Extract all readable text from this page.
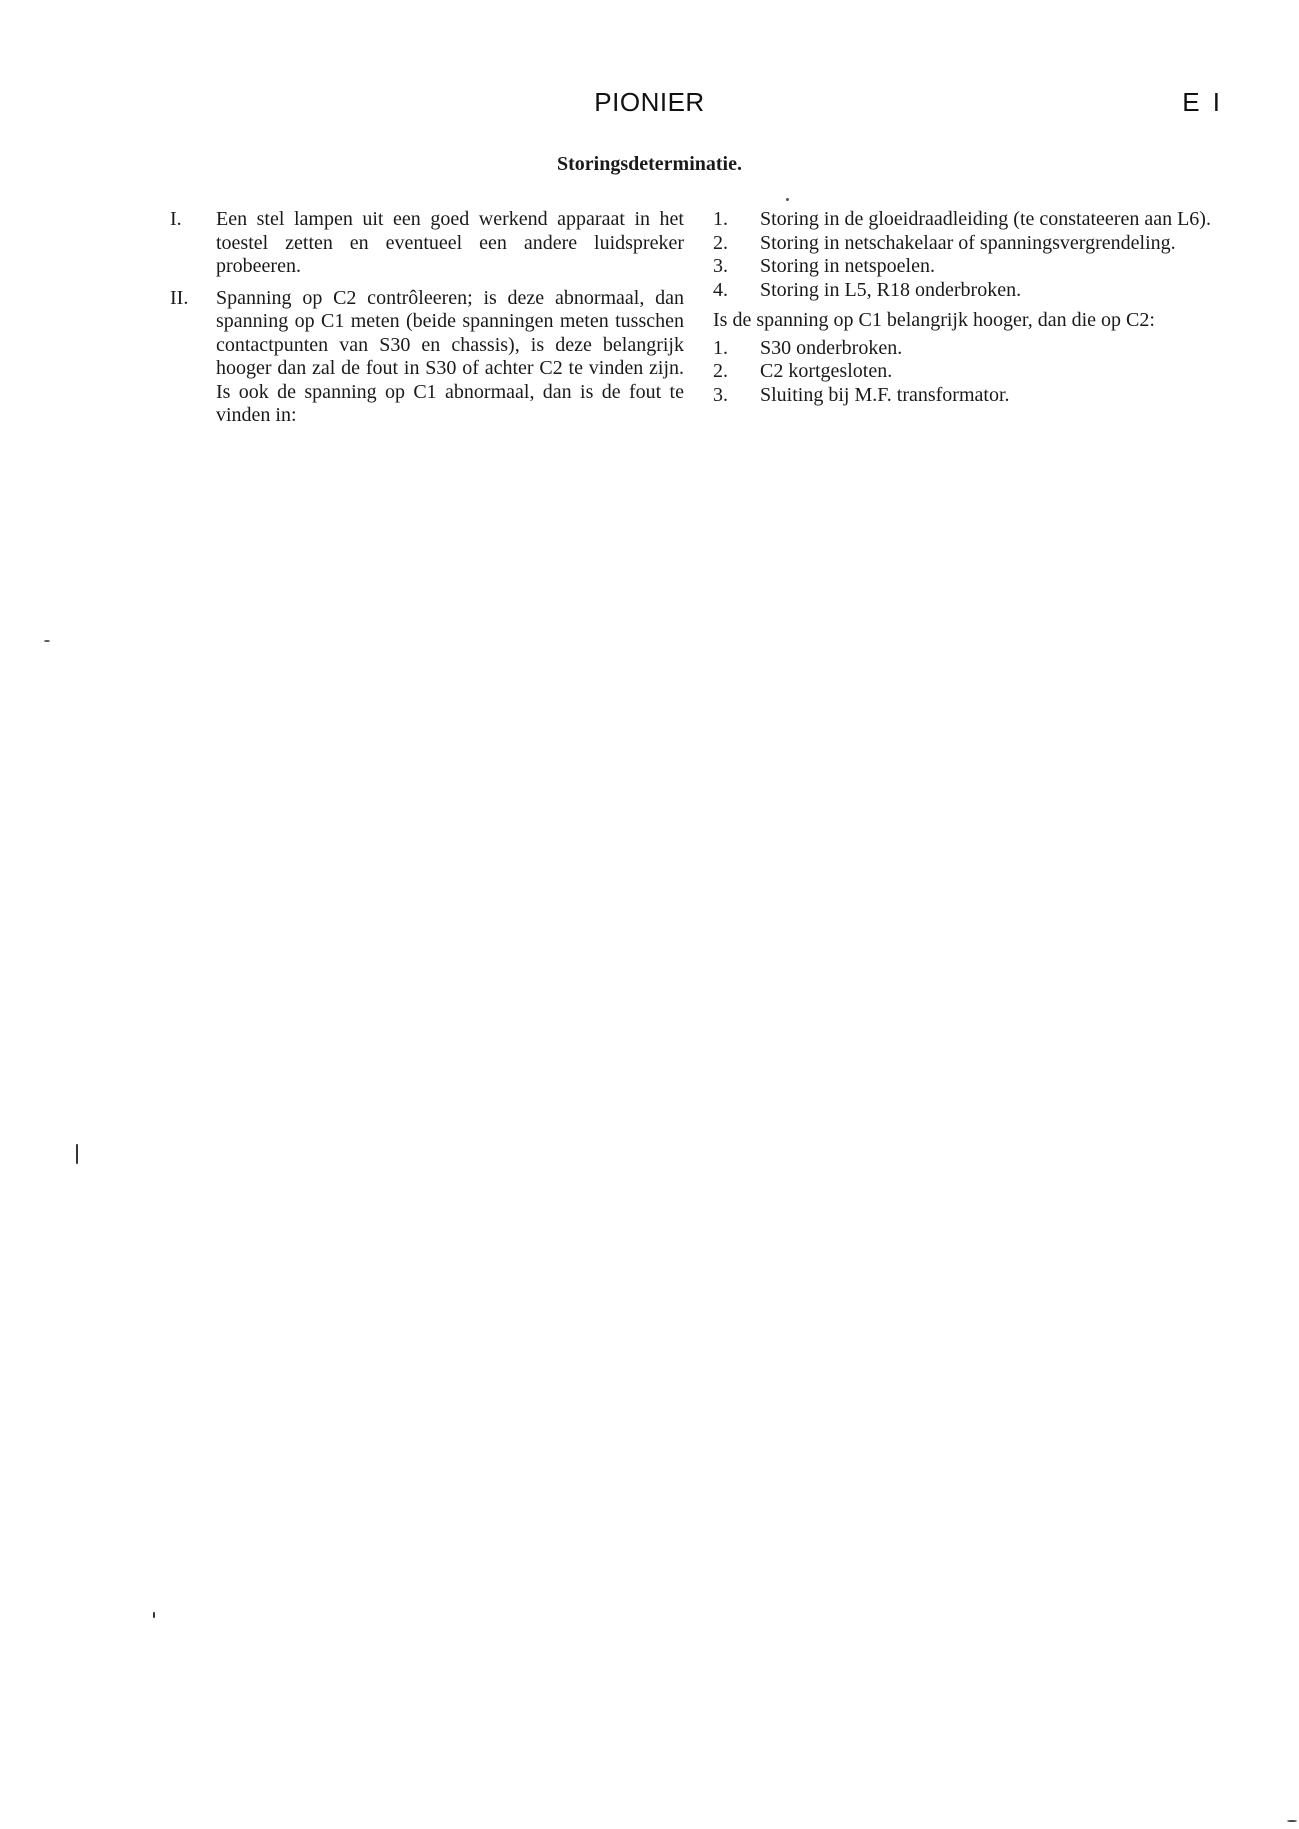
PIONIER	E I
Storingsdeterminatie.
I.	Een stel lampen uit een goed werkend apparaat in het toestel zetten en eventueel een andere luidspreker probeeren.
II.	Spanning op C2 contrôleeren; is deze abnormaal, dan spanning op C1 meten (beide spanningen meten tusschen contactpunten van S30 en chassis), is deze belangrijk hooger dan zal de fout in S30 of achter C2 te vinden zijn. Is ook de spanning op C1 abnormaal, dan is de fout te vinden in:
1.	Storing in de gloeidraadleiding (te constateeren aan L6).
2.	Storing in netschakelaar of spanningsvergrendeling.
3.	Storing in netspoelen.
4.	Storing in L5, R18 onderbroken.
Is de spanning op C1 belangrijk hooger, dan die op C2:
1.	S30 onderbroken.
2.	C2 kortgesloten.
3.	Sluiting bij M.F. transformator.
